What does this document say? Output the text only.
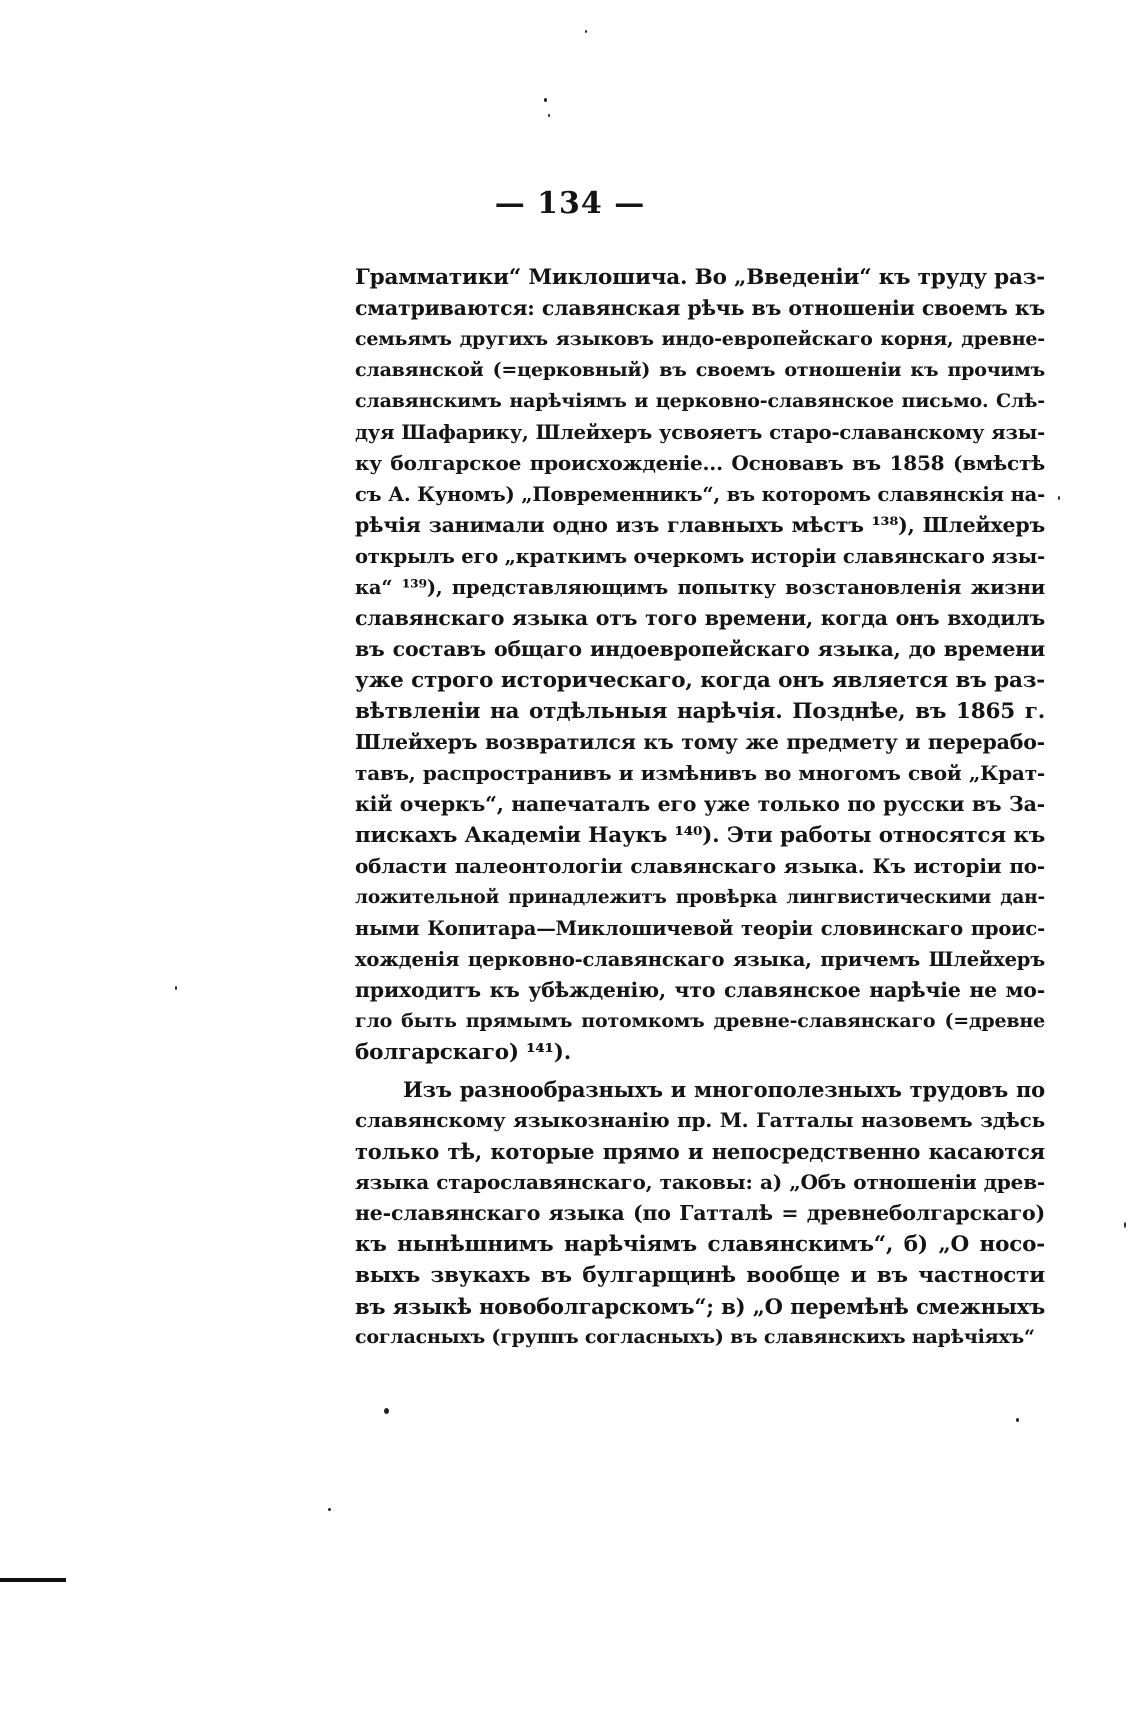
— 134 —
Грамматики“ Миклошича. Во „Введеніи“ къ труду раз-
сматриваются: славянская рѣчь въ отношеніи своемъ къ
семьямъ другихъ языковъ индо-европейскаго корня, древне-
славянской (=церковный) въ своемъ отношеніи къ прочимъ
славянскимъ нарѣчіямъ и церковно-славянское письмо. Слѣ-
дуя Шафарику, Шлейхеръ усвояетъ старо-славанскому язы-
ку болгарское происхожденіе... Основавъ въ 1858 (вмѣстѣ
съ А. Куномъ) „Повременникъ“, въ которомъ славянскія на-
рѣчія занимали одно изъ главныхъ мѣстъ ¹³⁸), Шлейхеръ
открылъ его „краткимъ очеркомъ исторіи славянскаго язы-
ка“ ¹³⁹), представляющимъ попытку возстановленія жизни
славянскаго языка отъ того времени, когда онъ входилъ
въ составъ общаго индоевропейскаго языка, до времени
уже строго историческаго, когда онъ является въ раз-
вѣтвленіи на отдѣльныя нарѣчія. Позднѣе, въ 1865 г.
Шлейхеръ возвратился къ тому же предмету и перерабо-
тавъ, распространивъ и измѣнивъ во многомъ свой „Крат-
кій очеркъ“, напечаталъ его уже только по русски въ За-
пискахъ Академіи Наукъ ¹⁴⁰). Эти работы относятся къ
области палеонтологіи славянскаго языка. Къ исторіи по-
ложительной принадлежитъ провѣрка лингвистическими дан-
ными Копитара—Миклошичевой теоріи словинскаго проис-
хожденія церковно-славянскаго языка, причемъ Шлейхеръ
приходитъ къ убѣжденію, что славянское нарѣчіе не мо-
гло быть прямымъ потомкомъ древне-славянскаго (=древне
болгарскаго) ¹⁴¹).
Изъ разнообразныхъ и многополезныхъ трудовъ по
славянскому языкознанію пр. М. Гатталы назовемъ здѣсь
только тѣ, которые прямо и непосредственно касаются
языка старославянскаго, таковы: а) „Объ отношеніи древ-
не-славянскаго языка (по Гатталѣ = древнеболгарскаго)
къ нынѣшнимъ нарѣчіямъ славянскимъ“, б) „О носо-
выхъ звукахъ въ булгарщинѣ вообще и въ частности
въ языкѣ новоболгарскомъ“; в) „О перемѣнѣ смежныхъ
согласныхъ (группъ согласныхъ) въ славянскихъ нарѣчіяхъ“
